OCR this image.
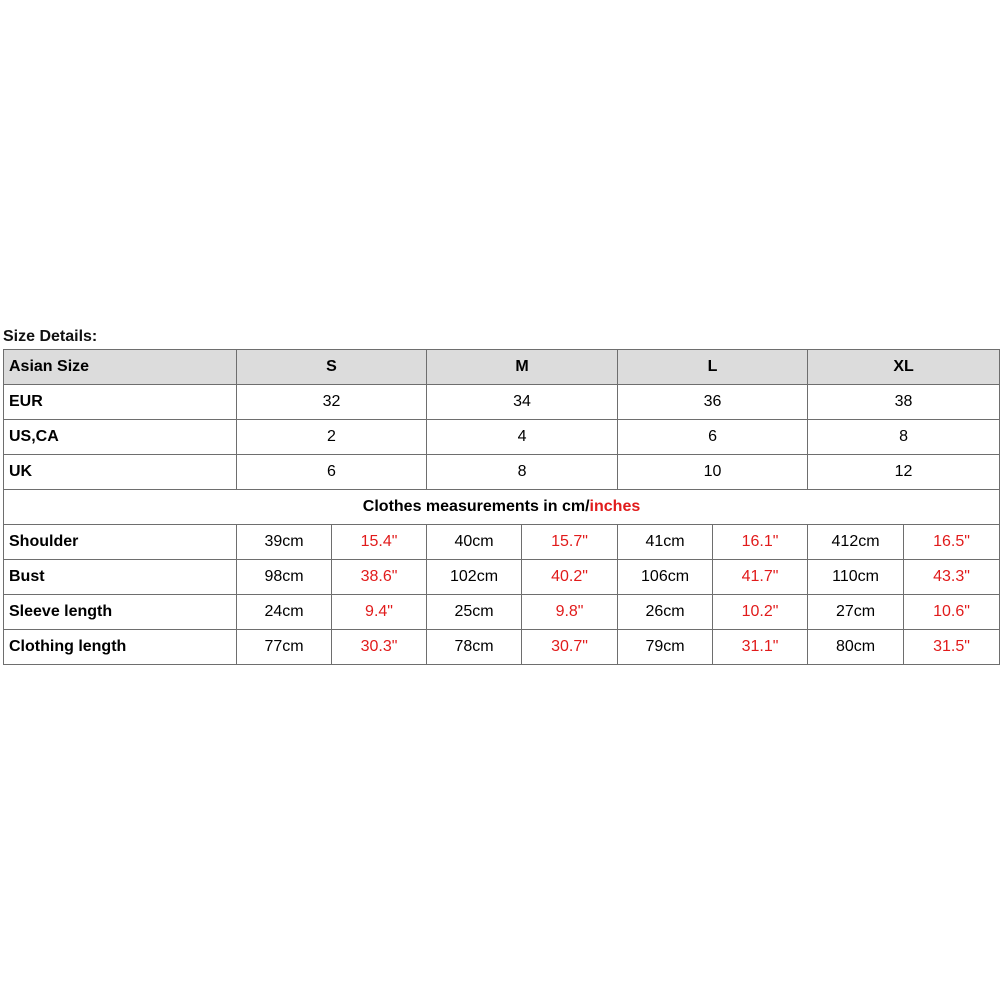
Size Details:
Asian Size	S		M		L		XL	
EUR	32		34		36		38	
US,CA	2		4		6		8	
UK	6		8		10		12	
Clothes measurements in cm/inches								
Shoulder	39cm	15.4"	40cm	15.7"	41cm	16.1"	412cm	16.5"
Bust	98cm	38.6"	102cm	40.2"	106cm	41.7"	110cm	43.3"
Sleeve length	24cm	9.4"	25cm	9.8"	26cm	10.2"	27cm	10.6"
Clothing length	77cm	30.3"	78cm	30.7"	79cm	31.1"	80cm	31.5"
